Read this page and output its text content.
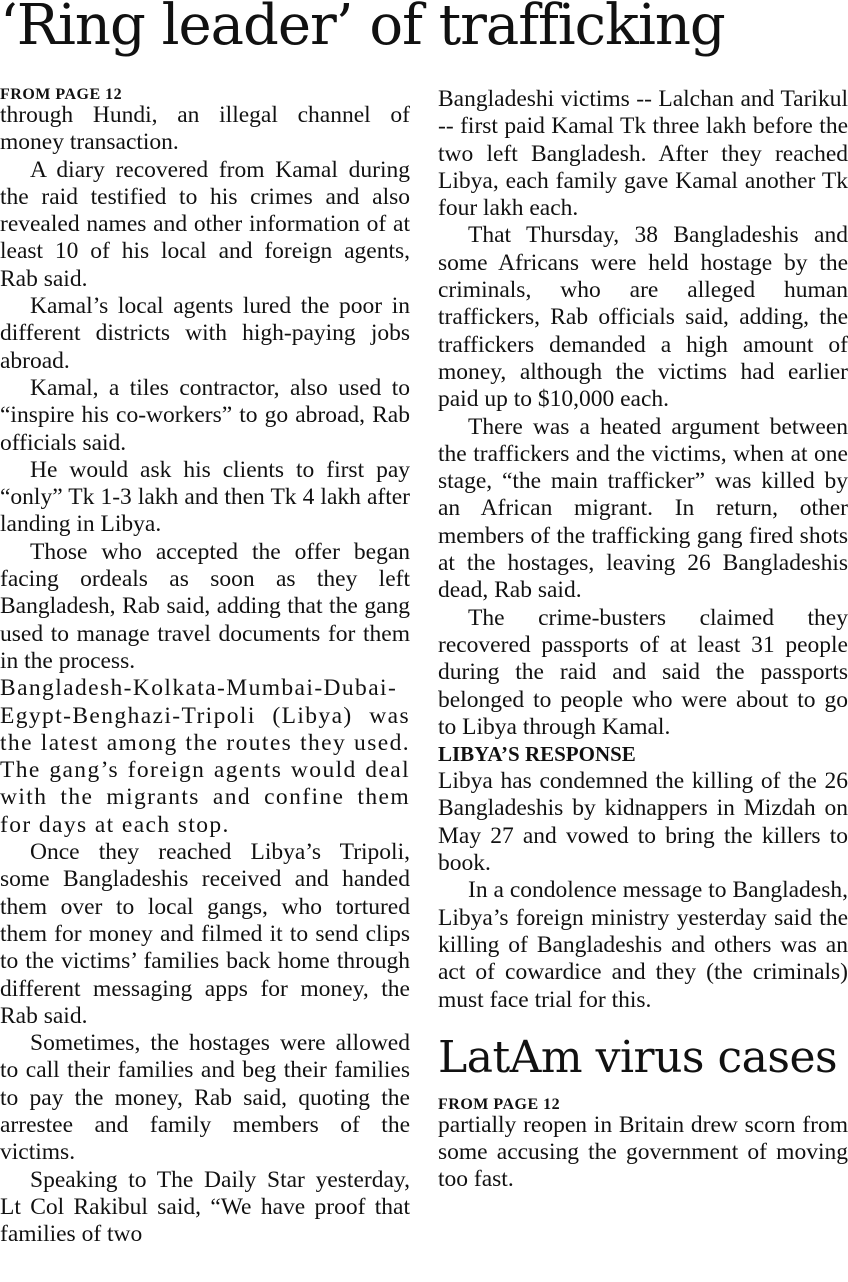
‘Ring leader’ of trafficking
FROM PAGE 12

through Hundi, an illegal channel of money transaction.

A diary recovered from Kamal during the raid testified to his crimes and also revealed names and other information of at least 10 of his local and foreign agents, Rab said.

Kamal’s local agents lured the poor in different districts with high-paying jobs abroad.

Kamal, a tiles contractor, also used to “inspire his co-workers” to go abroad, Rab officials said.

He would ask his clients to first pay “only” Tk 1-3 lakh and then Tk 4 lakh after landing in Libya.

Those who accepted the offer began facing ordeals as soon as they left Bangladesh, Rab said, adding that the gang used to manage travel documents for them in the process.

Bangladesh-Kolkata-Mumbai-Dubai-Egypt-Benghazi-Tripoli (Libya) was the latest among the routes they used. The gang’s foreign agents would deal with the migrants and confine them for days at each stop.

Once they reached Libya’s Tripoli, some Bangladeshis received and handed them over to local gangs, who tortured them for money and filmed it to send clips to the victims’ families back home through different messaging apps for money, the Rab said.

Sometimes, the hostages were allowed to call their families and beg their families to pay the money, Rab said, quoting the arrestee and family members of the victims.

Speaking to The Daily Star yesterday, Lt Col Rakibul said, “We have proof that families of two

Bangladeshi victims -- Lalchan and Tarikul -- first paid Kamal Tk three lakh before the two left Bangladesh. After they reached Libya, each family gave Kamal another Tk four lakh each.

That Thursday, 38 Bangladeshis and some Africans were held hostage by the criminals, who are alleged human traffickers, Rab officials said, adding, the traffickers demanded a high amount of money, although the victims had earlier paid up to $10,000 each.

There was a heated argument between the traffickers and the victims, when at one stage, “the main trafficker” was killed by an African migrant. In return, other members of the trafficking gang fired shots at the hostages, leaving 26 Bangladeshis dead, Rab said.

The crime-busters claimed they recovered passports of at least 31 people during the raid and said the passports belonged to people who were about to go to Libya through Kamal.

LIBYA’S RESPONSE

Libya has condemned the killing of the 26 Bangladeshis by kidnappers in Mizdah on May 27 and vowed to bring the killers to book.

In a condolence message to Bangladesh, Libya’s foreign ministry yesterday said the killing of Bangladeshis and others was an act of cowardice and they (the criminals) must face trial for this.

LatAm virus cases
FROM PAGE 12

partially reopen in Britain drew scorn from some accusing the government of moving too fast.
